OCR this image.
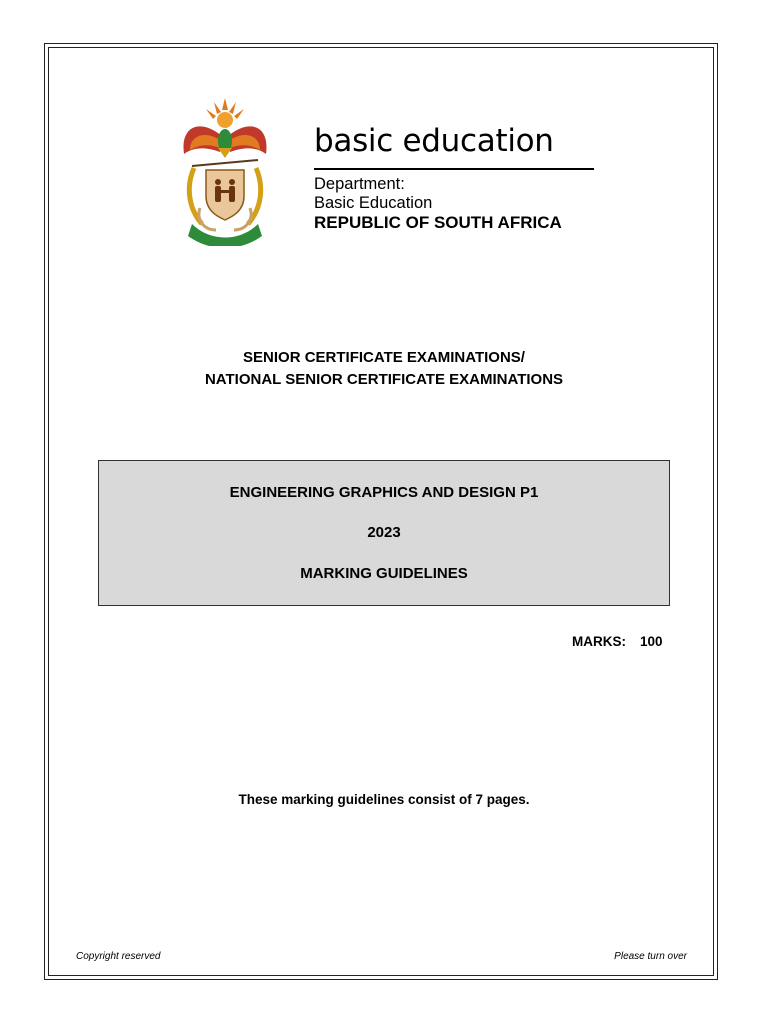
basic education
Department:
Basic Education
REPUBLIC OF SOUTH AFRICA
SENIOR CERTIFICATE EXAMINATIONS/
NATIONAL SENIOR CERTIFICATE EXAMINATIONS
ENGINEERING GRAPHICS AND DESIGN P1
2023
MARKING GUIDELINES
MARKS: 100
These marking guidelines consist of 7 pages.
Copyright reserved	Please turn over
